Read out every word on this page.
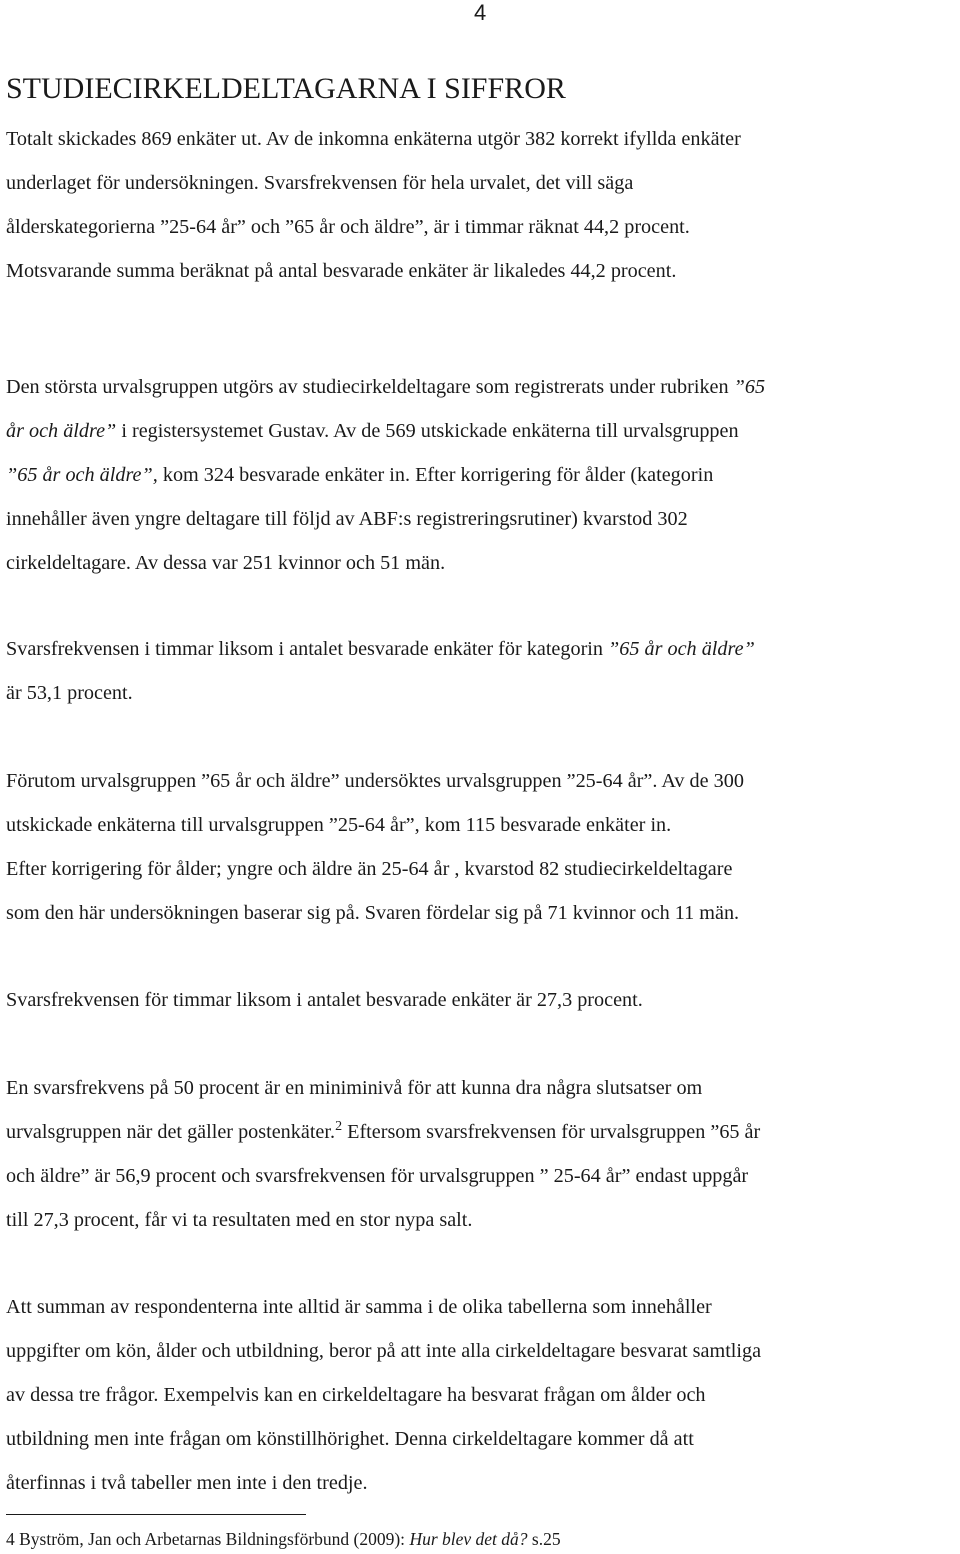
4
STUDIECIRKELDELTAGARNA I SIFFROR
Totalt skickades 869 enkäter ut. Av de inkomna enkäterna utgör 382 korrekt ifyllda enkäter
underlaget för undersökningen. Svarsfrekvensen för hela urvalet, det vill säga
ålderskategorierna ”25-64 år” och ”65 år och äldre”, är i timmar räknat 44,2 procent.
Motsvarande summa beräknat på antal besvarade enkäter är likaledes 44,2 procent.
Den största urvalsgruppen utgörs av studiecirkeldeltagare som registrerats under rubriken ”65
år och äldre” i registersystemet Gustav. Av de 569 utskickade enkäterna till urvalsgruppen
”65 år och äldre”, kom 324 besvarade enkäter in. Efter korrigering för ålder (kategorin
innehåller även yngre deltagare till följd av ABF:s registreringsrutiner) kvarstod 302
cirkeldeltagare. Av dessa var 251 kvinnor och 51 män.
Svarsfrekvensen i timmar liksom i antalet besvarade enkäter för kategorin ”65 år och äldre”
är 53,1 procent.
Förutom urvalsgruppen ”65 år och äldre” undersöktes urvalsgruppen ”25-64 år”. Av de 300
utskickade enkäterna till urvalsgruppen ”25-64 år”, kom 115 besvarade enkäter in.
Efter korrigering för ålder; yngre och äldre än 25-64 år , kvarstod 82 studiecirkeldeltagare
som den här undersökningen baserar sig på. Svaren fördelar sig på 71 kvinnor och 11 män.
Svarsfrekvensen för timmar liksom i antalet besvarade enkäter är 27,3 procent.
En svarsfrekvens på 50 procent är en miniminivå för att kunna dra några slutsatser om
urvalsgruppen när det gäller postenkäter.$^2$ Eftersom svarsfrekvensen för urvalsgruppen ”65 år
och äldre” är 56,9 procent och svarsfrekvensen för urvalsgruppen ” 25-64 år” endast uppgår
till 27,3 procent, får vi ta resultaten med en stor nypa salt.
Att summan av respondenterna inte alltid är samma i de olika tabellerna som innehåller
uppgifter om kön, ålder och utbildning, beror på att inte alla cirkeldeltagare besvarat samtliga
av dessa tre frågor. Exempelvis kan en cirkeldeltagare ha besvarat frågan om ålder och
utbildning men inte frågan om könstillhörighet. Denna cirkeldeltagare kommer då att
återfinnas i två tabeller men inte i den tredje.
4 Byström, Jan och Arbetarnas Bildningsförbund (2009): Hur blev det då? s.25
